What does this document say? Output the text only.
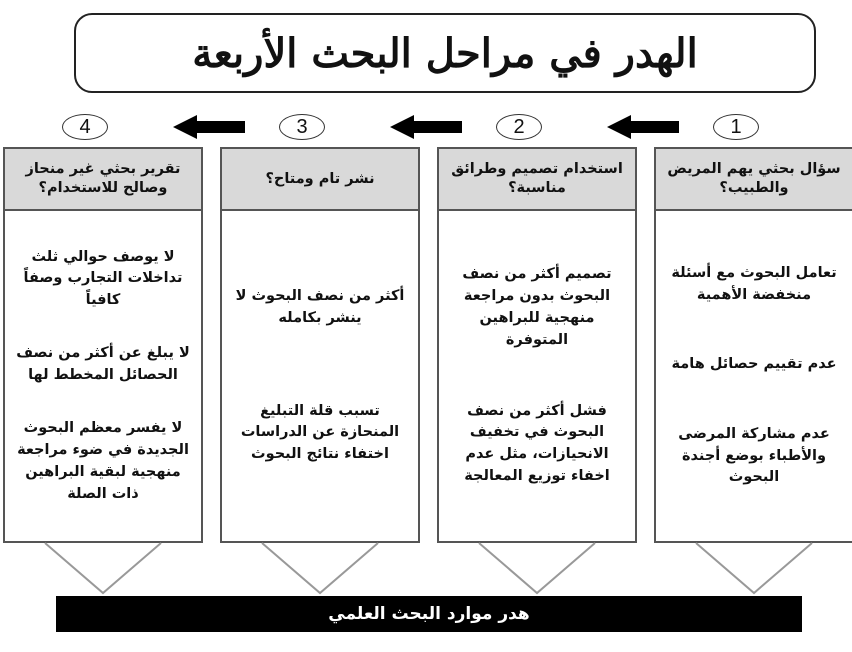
الهدر في مراحل البحث الأربعة
1
2
3
4
سؤال بحثي يهم المريض والطبيب؟

تعامل البحوث مع أسئلة منخفضة الأهمية

عدم تقييم حصائل هامة

عدم مشاركة المرضى والأطباء بوضع أجندة البحوث

استخدام تصميم وطرائق مناسبة؟

تصميم أكثر من نصف البحوث بدون مراجعة منهجية للبراهين المتوفرة

فشل أكثر من نصف البحوث في تخفيف الانحيازات، مثل عدم اخفاء توزيع المعالجة

نشر تام ومتاح؟

أكثر من نصف البحوث لا ينشر بكامله

تسبب قلة التبليغ المنحازة عن الدراسات اختفاء نتائج البحوث

تقرير بحثي غير منحاز وصالح للاستخدام؟

لا يوصف حوالي ثلث تداخلات التجارب وصفاً كافياً

لا يبلغ عن أكثر من نصف الحصائل المخطط لها

لا يفسر معظم البحوث الجديدة في ضوء مراجعة منهجية لبقية البراهين ذات الصلة

هدر موارد البحث العلمي
